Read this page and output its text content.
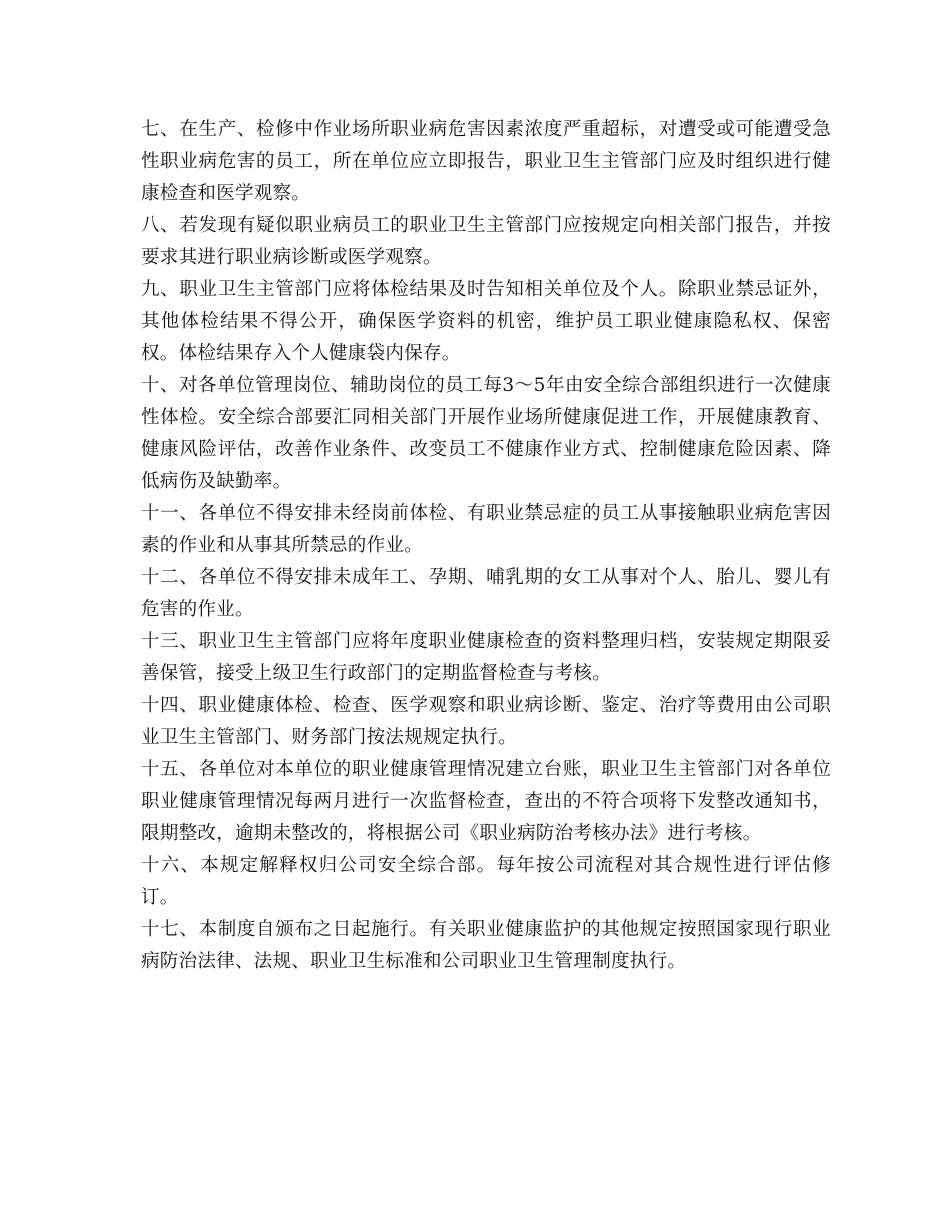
七、在生产、检修中作业场所职业病危害因素浓度严重超标，对遭受或可能遭受急性职业病危害的员工，所在单位应立即报告，职业卫生主管部门应及时组织进行健康检查和医学观察。

八、若发现有疑似职业病员工的职业卫生主管部门应按规定向相关部门报告，并按要求其进行职业病诊断或医学观察。

九、职业卫生主管部门应将体检结果及时告知相关单位及个人。除职业禁忌证外，其他体检结果不得公开，确保医学资料的机密，维护员工职业健康隐私权、保密权。体检结果存入个人健康袋内保存。

十、对各单位管理岗位、辅助岗位的员工每3～5年由安全综合部组织进行一次健康性体检。安全综合部要汇同相关部门开展作业场所健康促进工作，开展健康教育、健康风险评估，改善作业条件、改变员工不健康作业方式、控制健康危险因素、降低病伤及缺勤率。

十一、各单位不得安排未经岗前体检、有职业禁忌症的员工从事接触职业病危害因素的作业和从事其所禁忌的作业。

十二、各单位不得安排未成年工、孕期、哺乳期的女工从事对个人、胎儿、婴儿有危害的作业。

十三、职业卫生主管部门应将年度职业健康检查的资料整理归档，安装规定期限妥善保管，接受上级卫生行政部门的定期监督检查与考核。

十四、职业健康体检、检查、医学观察和职业病诊断、鉴定、治疗等费用由公司职业卫生主管部门、财务部门按法规规定执行。

十五、各单位对本单位的职业健康管理情况建立台账，职业卫生主管部门对各单位职业健康管理情况每两月进行一次监督检查，查出的不符合项将下发整改通知书，限期整改，逾期未整改的，将根据公司《职业病防治考核办法》进行考核。

十六、本规定解释权归公司安全综合部。每年按公司流程对其合规性进行评估修订。

十七、本制度自颁布之日起施行。有关职业健康监护的其他规定按照国家现行职业病防治法律、法规、职业卫生标准和公司职业卫生管理制度执行。
